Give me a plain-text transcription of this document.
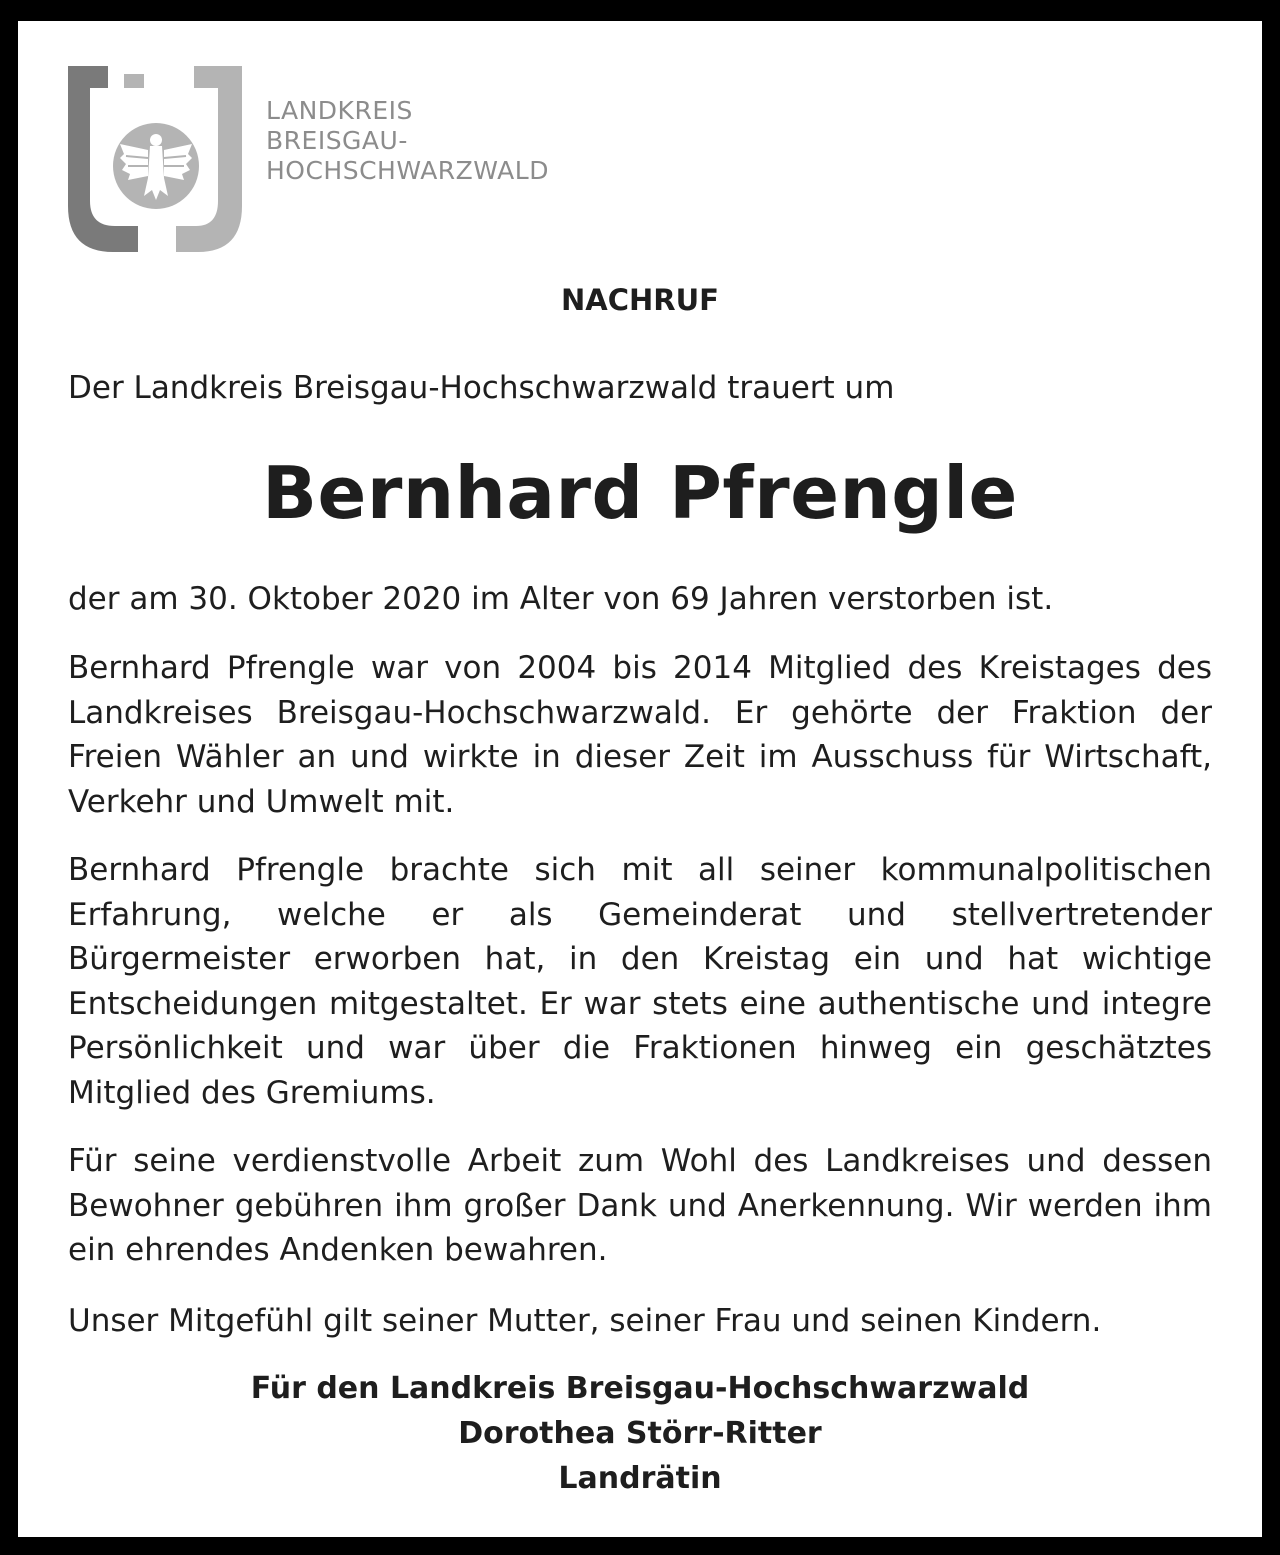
LANDKREIS
BREISGAU-
HOCHSCHWARZWALD
NACHRUF
Der Landkreis Breisgau-Hochschwarzwald trauert um
Bernhard Pfrengle
der am 30. Oktober 2020 im Alter von 69 Jahren verstorben ist.

Bernhard Pfrengle war von 2004 bis 2014 Mitglied des Kreistages des Landkreises Breisgau-Hochschwarzwald. Er gehörte der Fraktion der Freien Wähler an und wirkte in dieser Zeit im Ausschuss für Wirtschaft, Verkehr und Umwelt mit.

Bernhard Pfrengle brachte sich mit all seiner kommunalpolitischen Erfahrung, welche er als Gemeinderat und stellvertretender Bürgermeister erworben hat, in den Kreistag ein und hat wichtige Entscheidungen mitgestaltet. Er war stets eine authentische und integre Persönlichkeit und war über die Fraktionen hinweg ein geschätztes Mitglied des Gremiums.

Für seine verdienstvolle Arbeit zum Wohl des Landkreises und dessen Bewohner gebühren ihm großer Dank und Anerkennung. Wir werden ihm ein ehrendes Andenken bewahren.

Unser Mitgefühl gilt seiner Mutter, seiner Frau und seinen Kindern.

Für den Landkreis Breisgau-Hochschwarzwald
Dorothea Störr-Ritter
Landrätin
